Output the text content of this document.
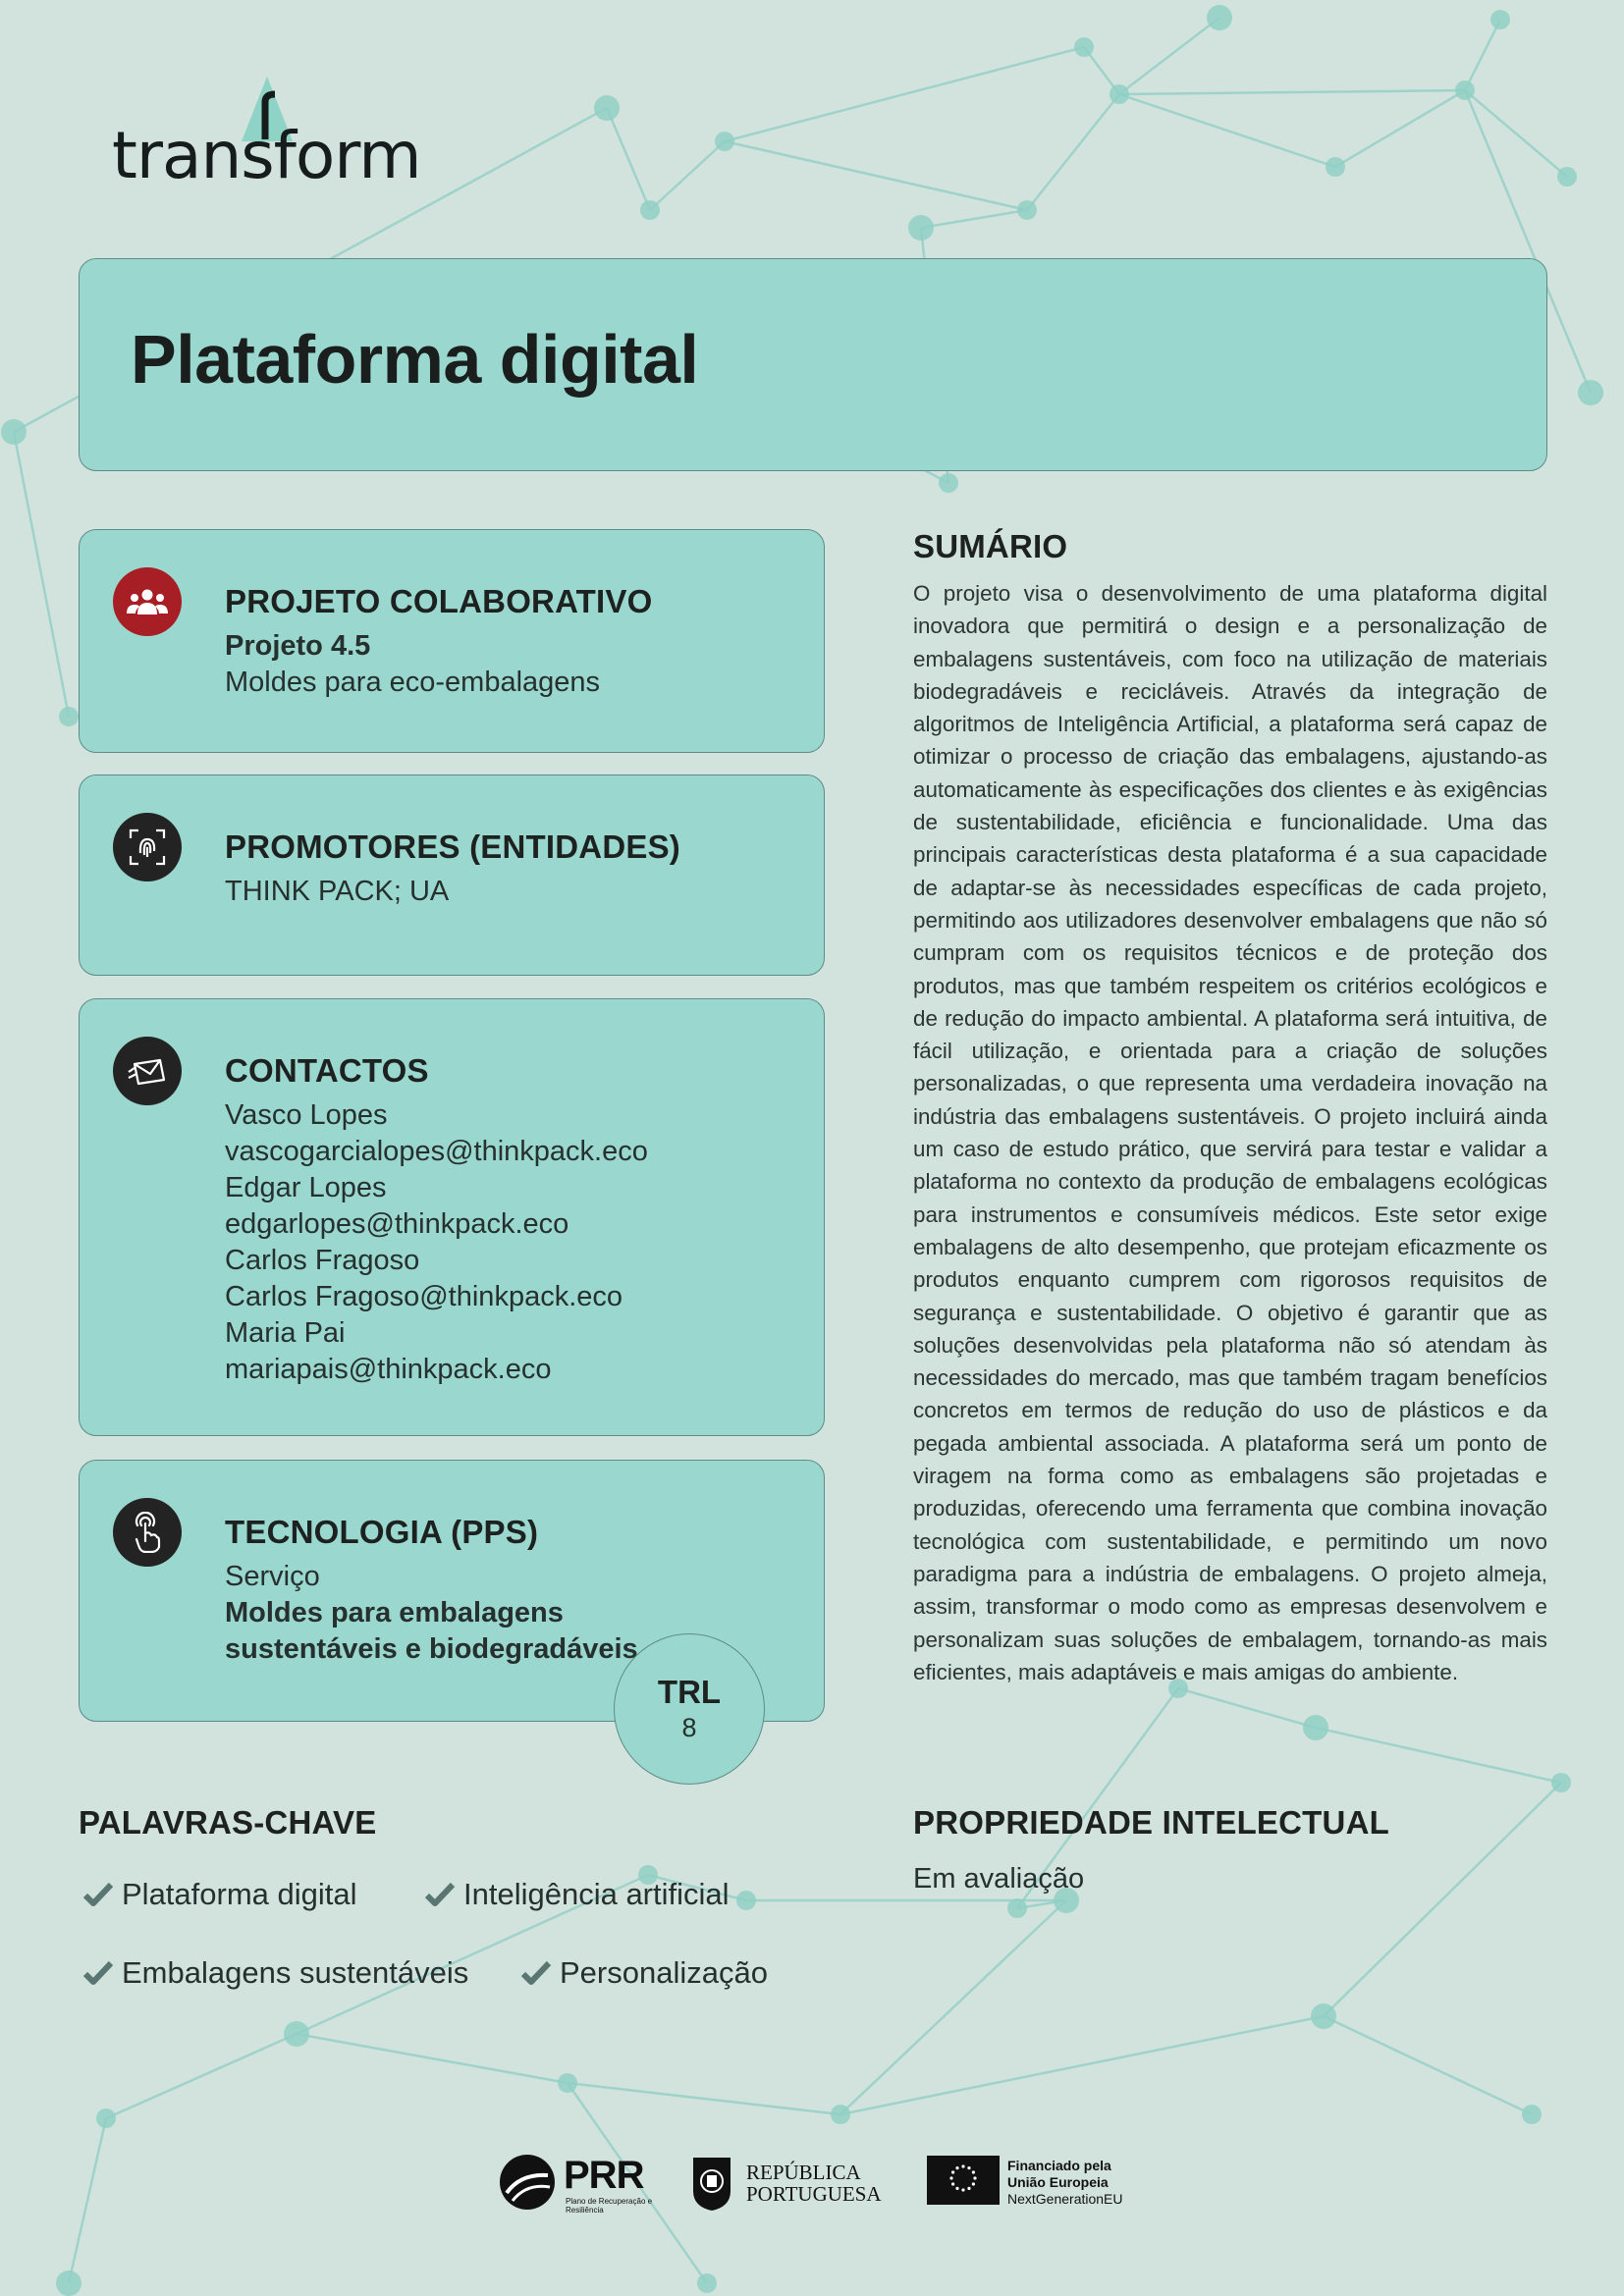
transform
Plataforma digital
PROJETO COLABORATIVO
Projeto 4.5
Moldes para eco-embalagens
PROMOTORES (ENTIDADES)
THINK PACK; UA
CONTACTOS
Vasco Lopes
vascogarcialopes@thinkpack.eco
Edgar Lopes
edgarlopes@thinkpack.eco
Carlos Fragoso
Carlos Fragoso@thinkpack.eco
Maria Pai
mariapais@thinkpack.eco
TECNOLOGIA (PPS)
Serviço
Moldes para embalagens
sustentáveis e biodegradáveis
TRL
8
SUMÁRIO

O projeto visa o desenvolvimento de uma plataforma digital inovadora que permitirá o design e a personalização de embalagens sustentáveis, com foco na utilização de materiais biodegradáveis e recicláveis. Através da integração de algoritmos de Inteligência Artificial, a plataforma será capaz de otimizar o processo de criação das embalagens, ajustando-as automaticamente às especificações dos clientes e às exigências de sustentabilidade, eficiência e funcionalidade. Uma das principais características desta plataforma é a sua capacidade de adaptar-se às necessidades específicas de cada projeto, permitindo aos utilizadores desenvolver embalagens que não só cumpram com os requisitos técnicos e de proteção dos produtos, mas que também respeitem os critérios ecológicos e de redução do impacto ambiental. A plataforma será intuitiva, de fácil utilização, e orientada para a criação de soluções personalizadas, o que representa uma verdadeira inovação na indústria das embalagens sustentáveis. O projeto incluirá ainda um caso de estudo prático, que servirá para testar e validar a plataforma no contexto da produção de embalagens ecológicas para instrumentos e consumíveis médicos. Este setor exige embalagens de alto desempenho, que protejam eficazmente os produtos enquanto cumprem com rigorosos requisitos de segurança e sustentabilidade. O objetivo é garantir que as soluções desenvolvidas pela plataforma não só atendam às necessidades do mercado, mas que também tragam benefícios concretos em termos de redução do uso de plásticos e da pegada ambiental associada. A plataforma será um ponto de viragem na forma como as embalagens são projetadas e produzidas, oferecendo uma ferramenta que combina inovação tecnológica com sustentabilidade, e permitindo um novo paradigma para a indústria de embalagens. O projeto almeja, assim, transformar o modo como as empresas desenvolvem e personalizam suas soluções de embalagem, tornando-as mais eficientes, mais adaptáveis e mais amigas do ambiente.

PALAVRAS-CHAVE
Plataforma digital	Inteligência artificial
Embalagens sustentáveis	Personalização
PROPRIEDADE INTELECTUAL
Em avaliação
PRR
Plano de Recuperação e Resiliência
REPÚBLICA
PORTUGUESA
Financiado pela
União Europeia
NextGenerationEU
